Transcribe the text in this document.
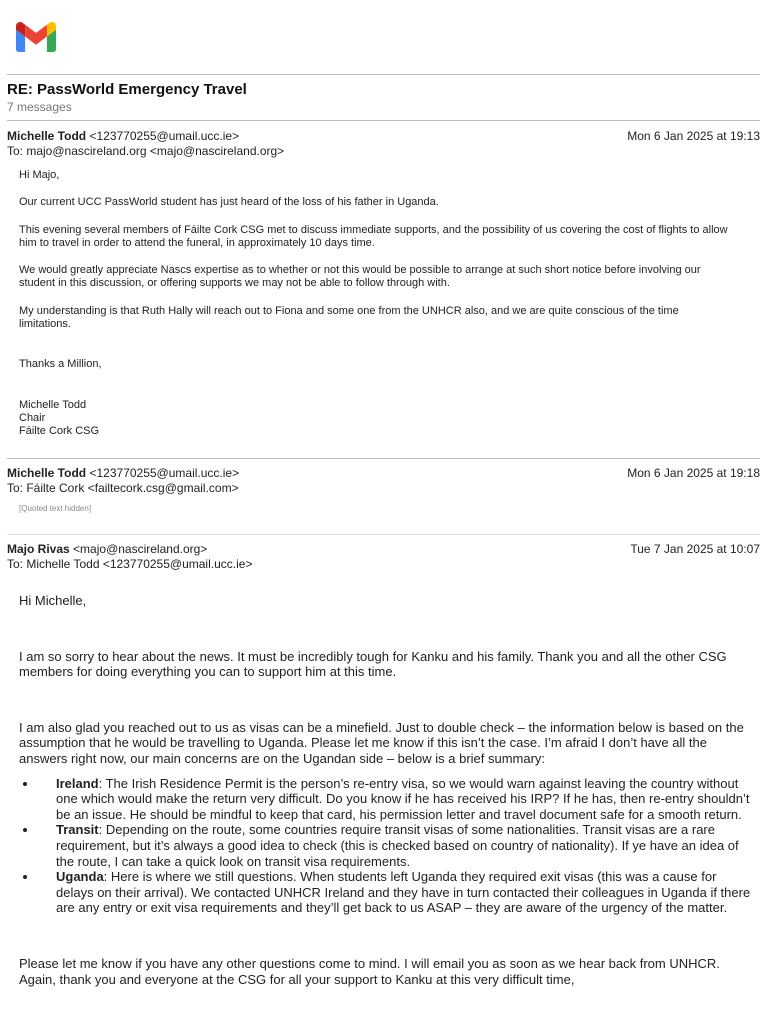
RE: PassWorld Emergency Travel
7 messages
Michelle Todd <123770255@umail.ucc.ie>	Mon 6 Jan 2025 at 19:13
To: majo@nascireland.org <majo@nascireland.org>

Hi Majo,

Our current UCC PassWorld student has just heard of the loss of his father in Uganda.

This evening several members of Fáilte Cork CSG met to discuss immediate supports, and the possibility of us covering the cost of flights to allow him to travel in order to attend the funeral, in approximately 10 days time.

We would greatly appreciate Nascs expertise as to whether or not this would be possible to arrange at such short notice before involving our student in this discussion, or offering supports we may not be able to follow through with.

My understanding is that Ruth Hally will reach out to Fiona and some one from the UNHCR also, and we are quite conscious of the time limitations.

Thanks a Million,

Michelle Todd
Chair
Fáilte Cork CSG
Michelle Todd <123770255@umail.ucc.ie>	Mon 6 Jan 2025 at 19:18
To: Fáilte Cork <failtecork.csg@gmail.com>
[Quoted text hidden]
Majo Rivas <majo@nascireland.org>	Tue 7 Jan 2025 at 10:07
To: Michelle Todd <123770255@umail.ucc.ie>

Hi Michelle,

I am so sorry to hear about the news. It must be incredibly tough for Kanku and his family. Thank you and all the other CSG members for doing everything you can to support him at this time.

I am also glad you reached out to us as visas can be a minefield. Just to double check – the information below is based on the assumption that he would be travelling to Uganda. Please let me know if this isn’t the case. I’m afraid I don’t have all the answers right now, our main concerns are on the Ugandan side – below is a brief summary:

• Ireland: The Irish Residence Permit is the person’s re-entry visa, so we would warn against leaving the country without one which would make the return very difficult. Do you know if he has received his IRP? If he has, then re-entry shouldn’t be an issue. He should be mindful to keep that card, his permission letter and travel document safe for a smooth return.
• Transit: Depending on the route, some countries require transit visas of some nationalities. Transit visas are a rare requirement, but it’s always a good idea to check (this is checked based on country of nationality). If ye have an idea of the route, I can take a quick look on transit visa requirements.
• Uganda: Here is where we still questions. When students left Uganda they required exit visas (this was a cause for delays on their arrival). We contacted UNHCR Ireland and they have in turn contacted their colleagues in Uganda if there are any entry or exit visa requirements and they’ll get back to us ASAP – they are aware of the urgency of the matter.

Please let me know if you have any other questions come to mind. I will email you as soon as we hear back from UNHCR. Again, thank you and everyone at the CSG for all your support to Kanku at this very difficult time,
